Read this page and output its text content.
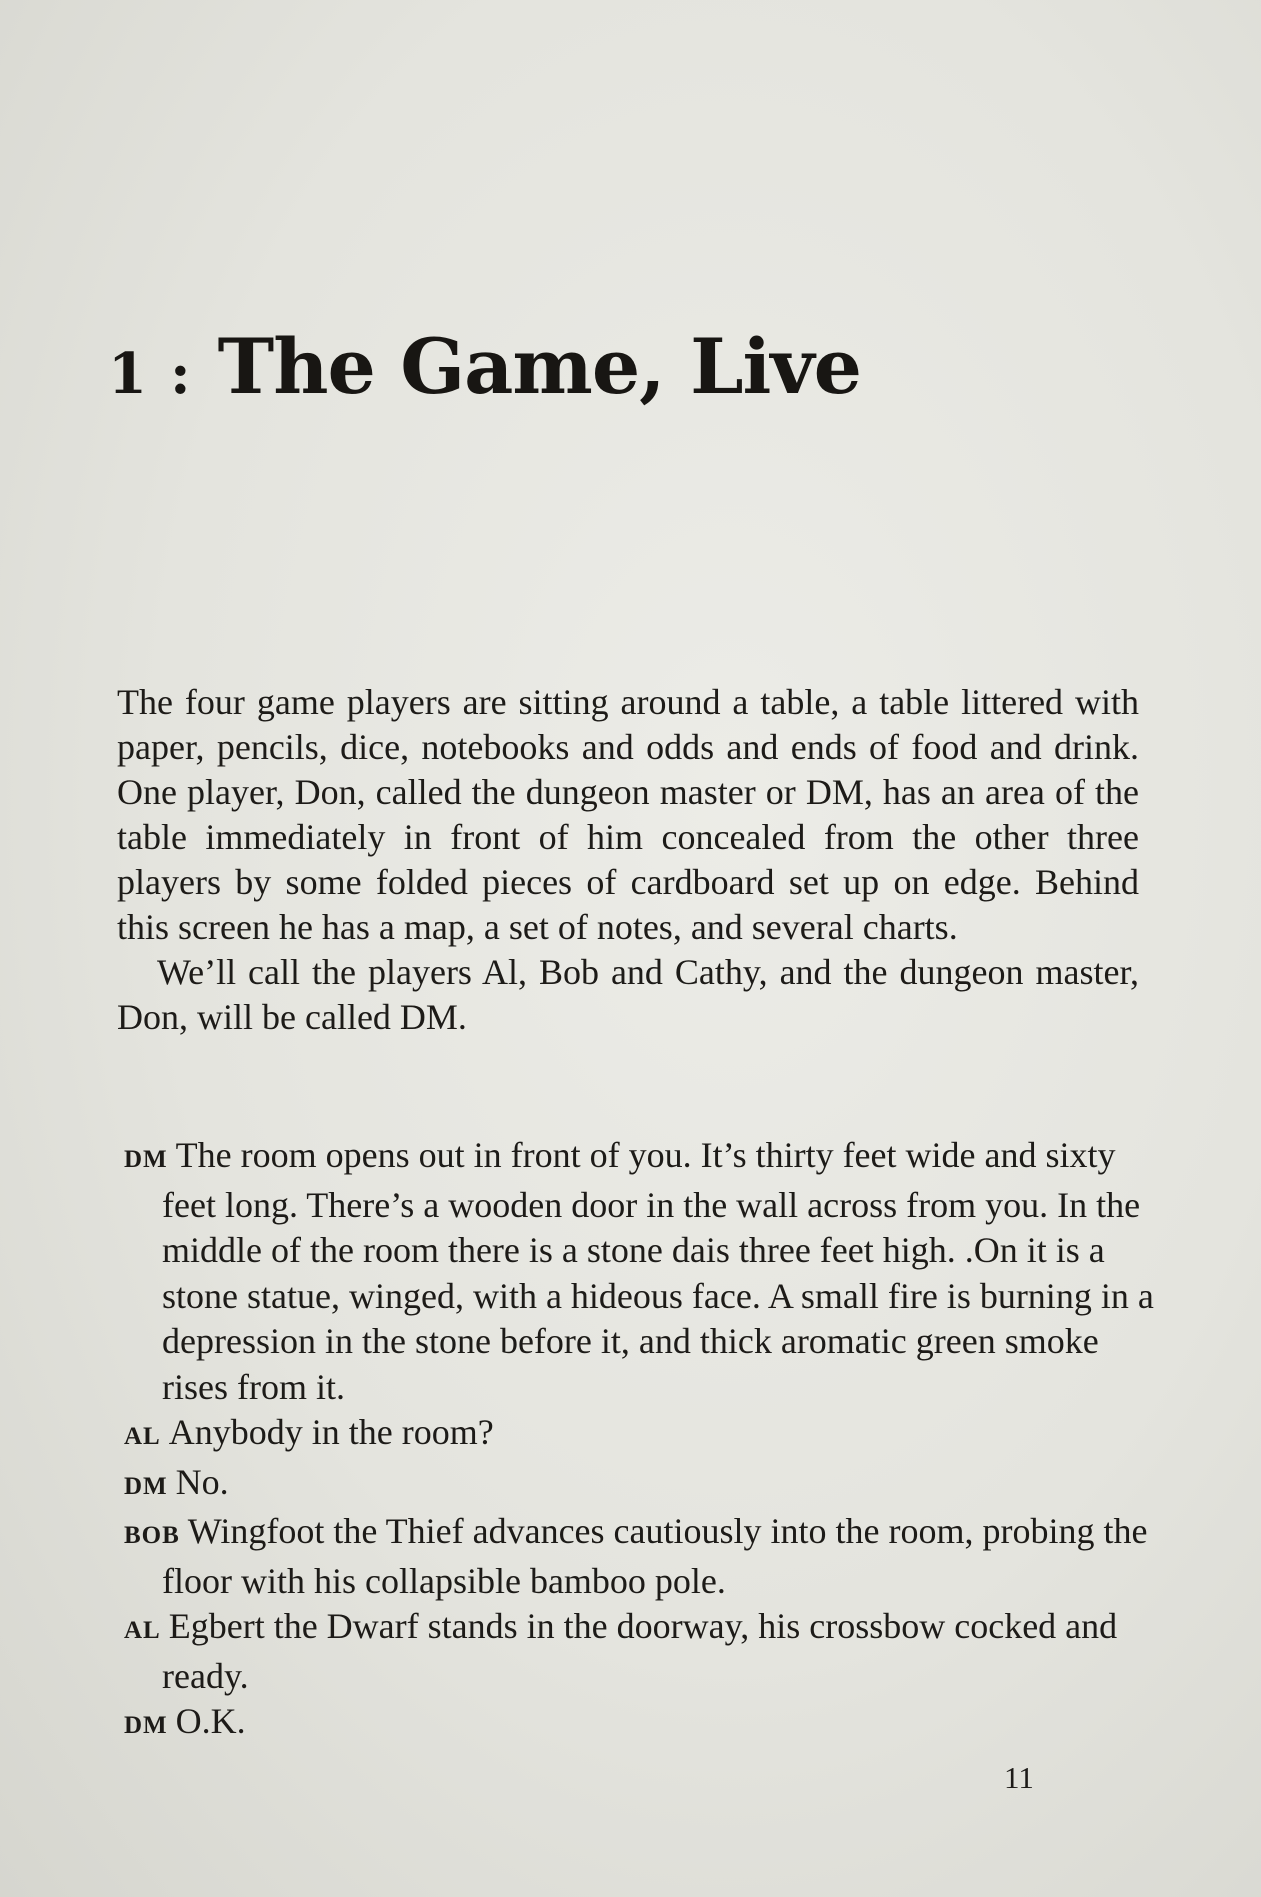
1 : The Game, Live

The four game players are sitting around a table, a table littered with paper, pencils, dice, notebooks and odds and ends of food and drink. One player, Don, called the dungeon master or DM, has an area of the table immediately in front of him concealed from the other three players by some folded pieces of cardboard set up on edge. Behind this screen he has a map, a set of notes, and several charts.

We’ll call the players Al, Bob and Cathy, and the dungeon master, Don, will be called DM.

DM The room opens out in front of you. It’s thirty feet wide and sixty feet long. There’s a wooden door in the wall across from you. In the middle of the room there is a stone dais three feet high. .On it is a stone statue, winged, with a hideous face. A small fire is burning in a depression in the stone before it, and thick aromatic green smoke rises from it.

AL Anybody in the room?

DM No.

BOB Wingfoot the Thief advances cautiously into the room, probing the floor with his collapsible bamboo pole.

AL Egbert the Dwarf stands in the doorway, his crossbow cocked and ready.

DM O.K.

11
